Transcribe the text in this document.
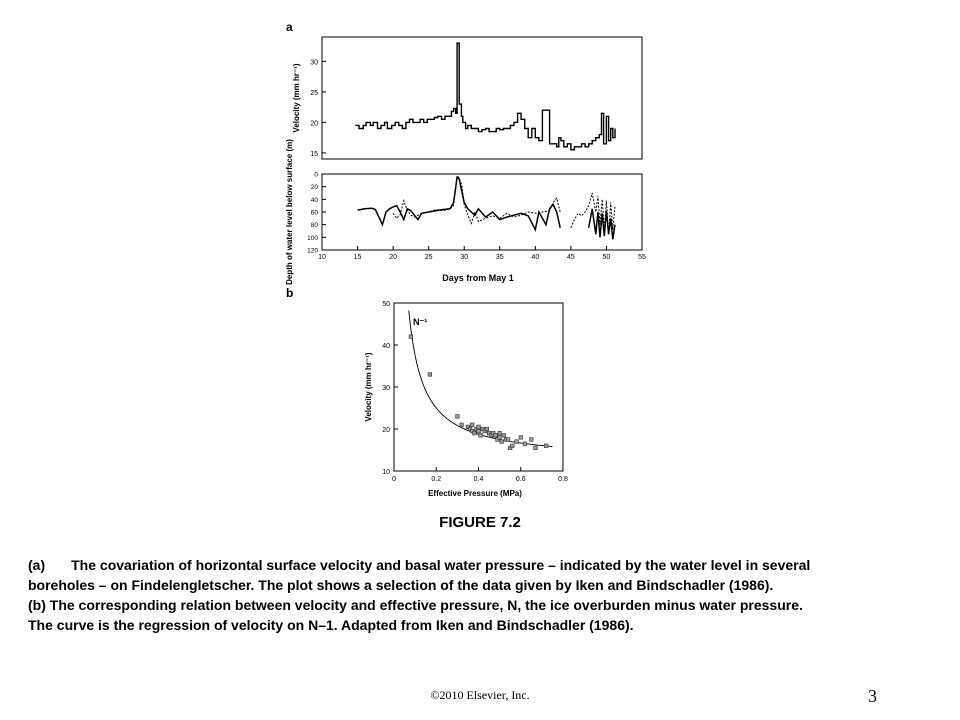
a
15
20
25
30
Velocity (mm hr⁻¹)
0
20
40
60
80
100
120
10	15	20	25	30	35	40	45	50	55
Depth of water level below surface (m)	Days from May 1
b
0	0.2	0.4	0.6	0.8
10
20
30
40
50
Velocity (mm hr⁻¹)
Effective Pressure (MPa)
N⁻¹
FIGURE 7.2
(a) The covariation of horizontal surface velocity and basal water pressure – indicated by the water level in several
boreholes – on Findelengletscher. The plot shows a selection of the data given by Iken and Bindschadler (1986).
(b) The corresponding relation between velocity and effective pressure, N, the ice overburden minus water pressure.
The curve is the regression of velocity on N–1. Adapted from Iken and Bindschadler (1986).
©2010 Elsevier, Inc.	3
